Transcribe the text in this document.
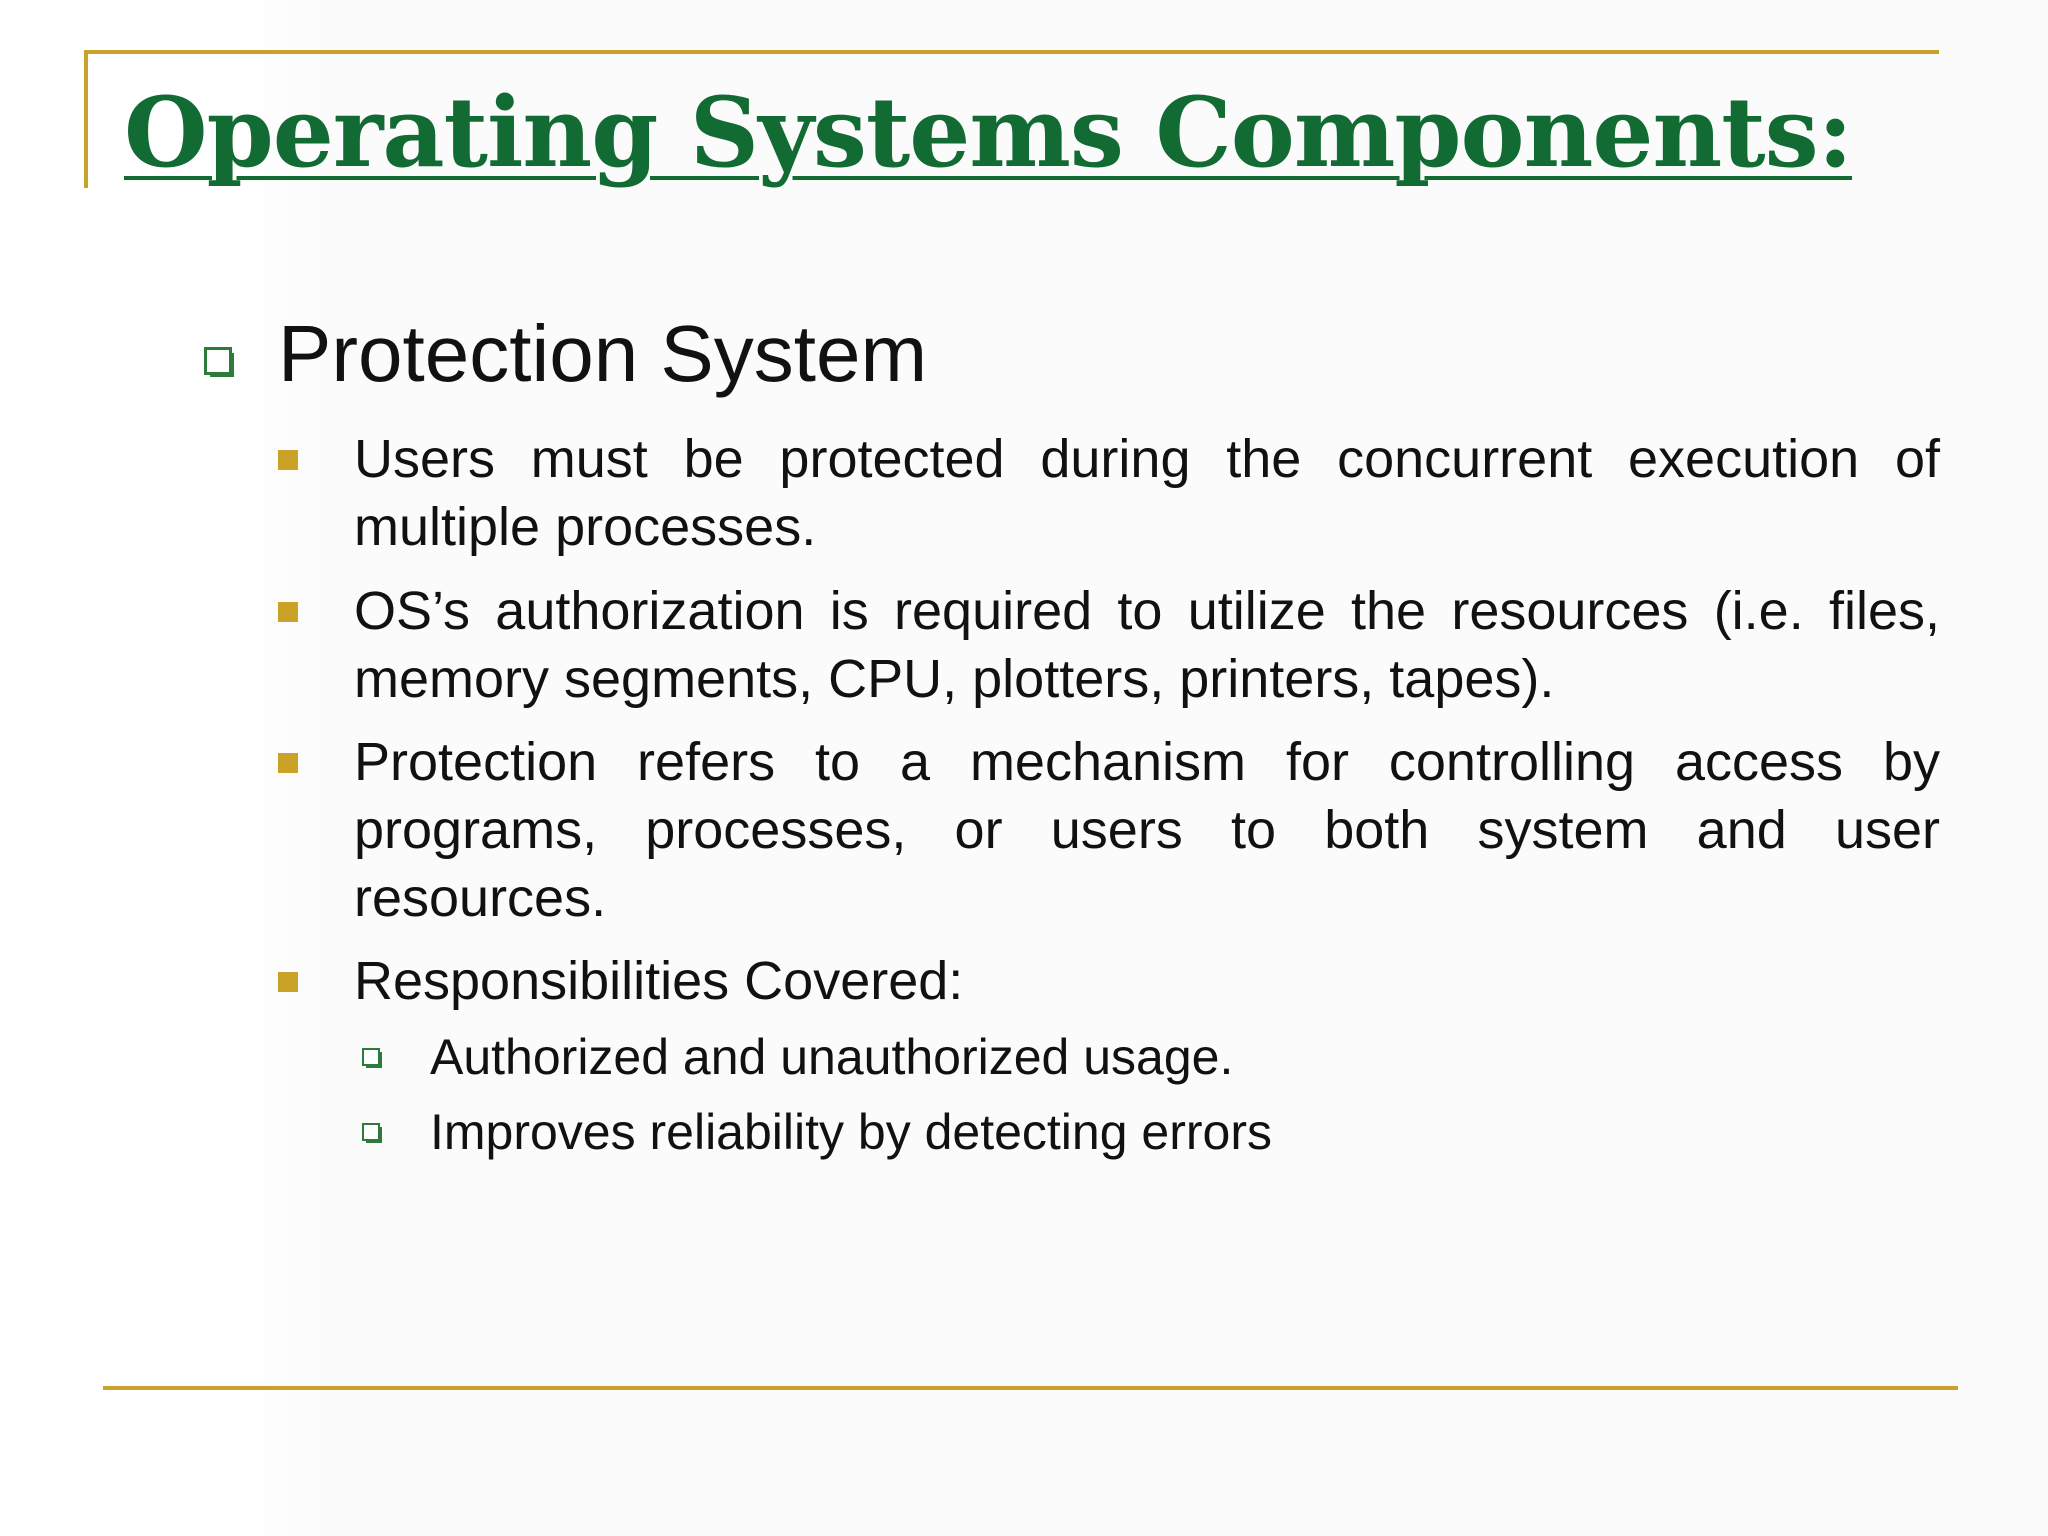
Operating Systems Components:
Protection System
Users must be protected during the concurrent execution of multiple processes.
OS’s authorization is required to utilize the resources (i.e. files, memory segments, CPU, plotters, printers, tapes).
Protection refers to a mechanism for controlling access by programs, processes, or users to both system and user resources.
Responsibilities Covered:
Authorized and unauthorized usage.
Improves reliability by detecting errors
